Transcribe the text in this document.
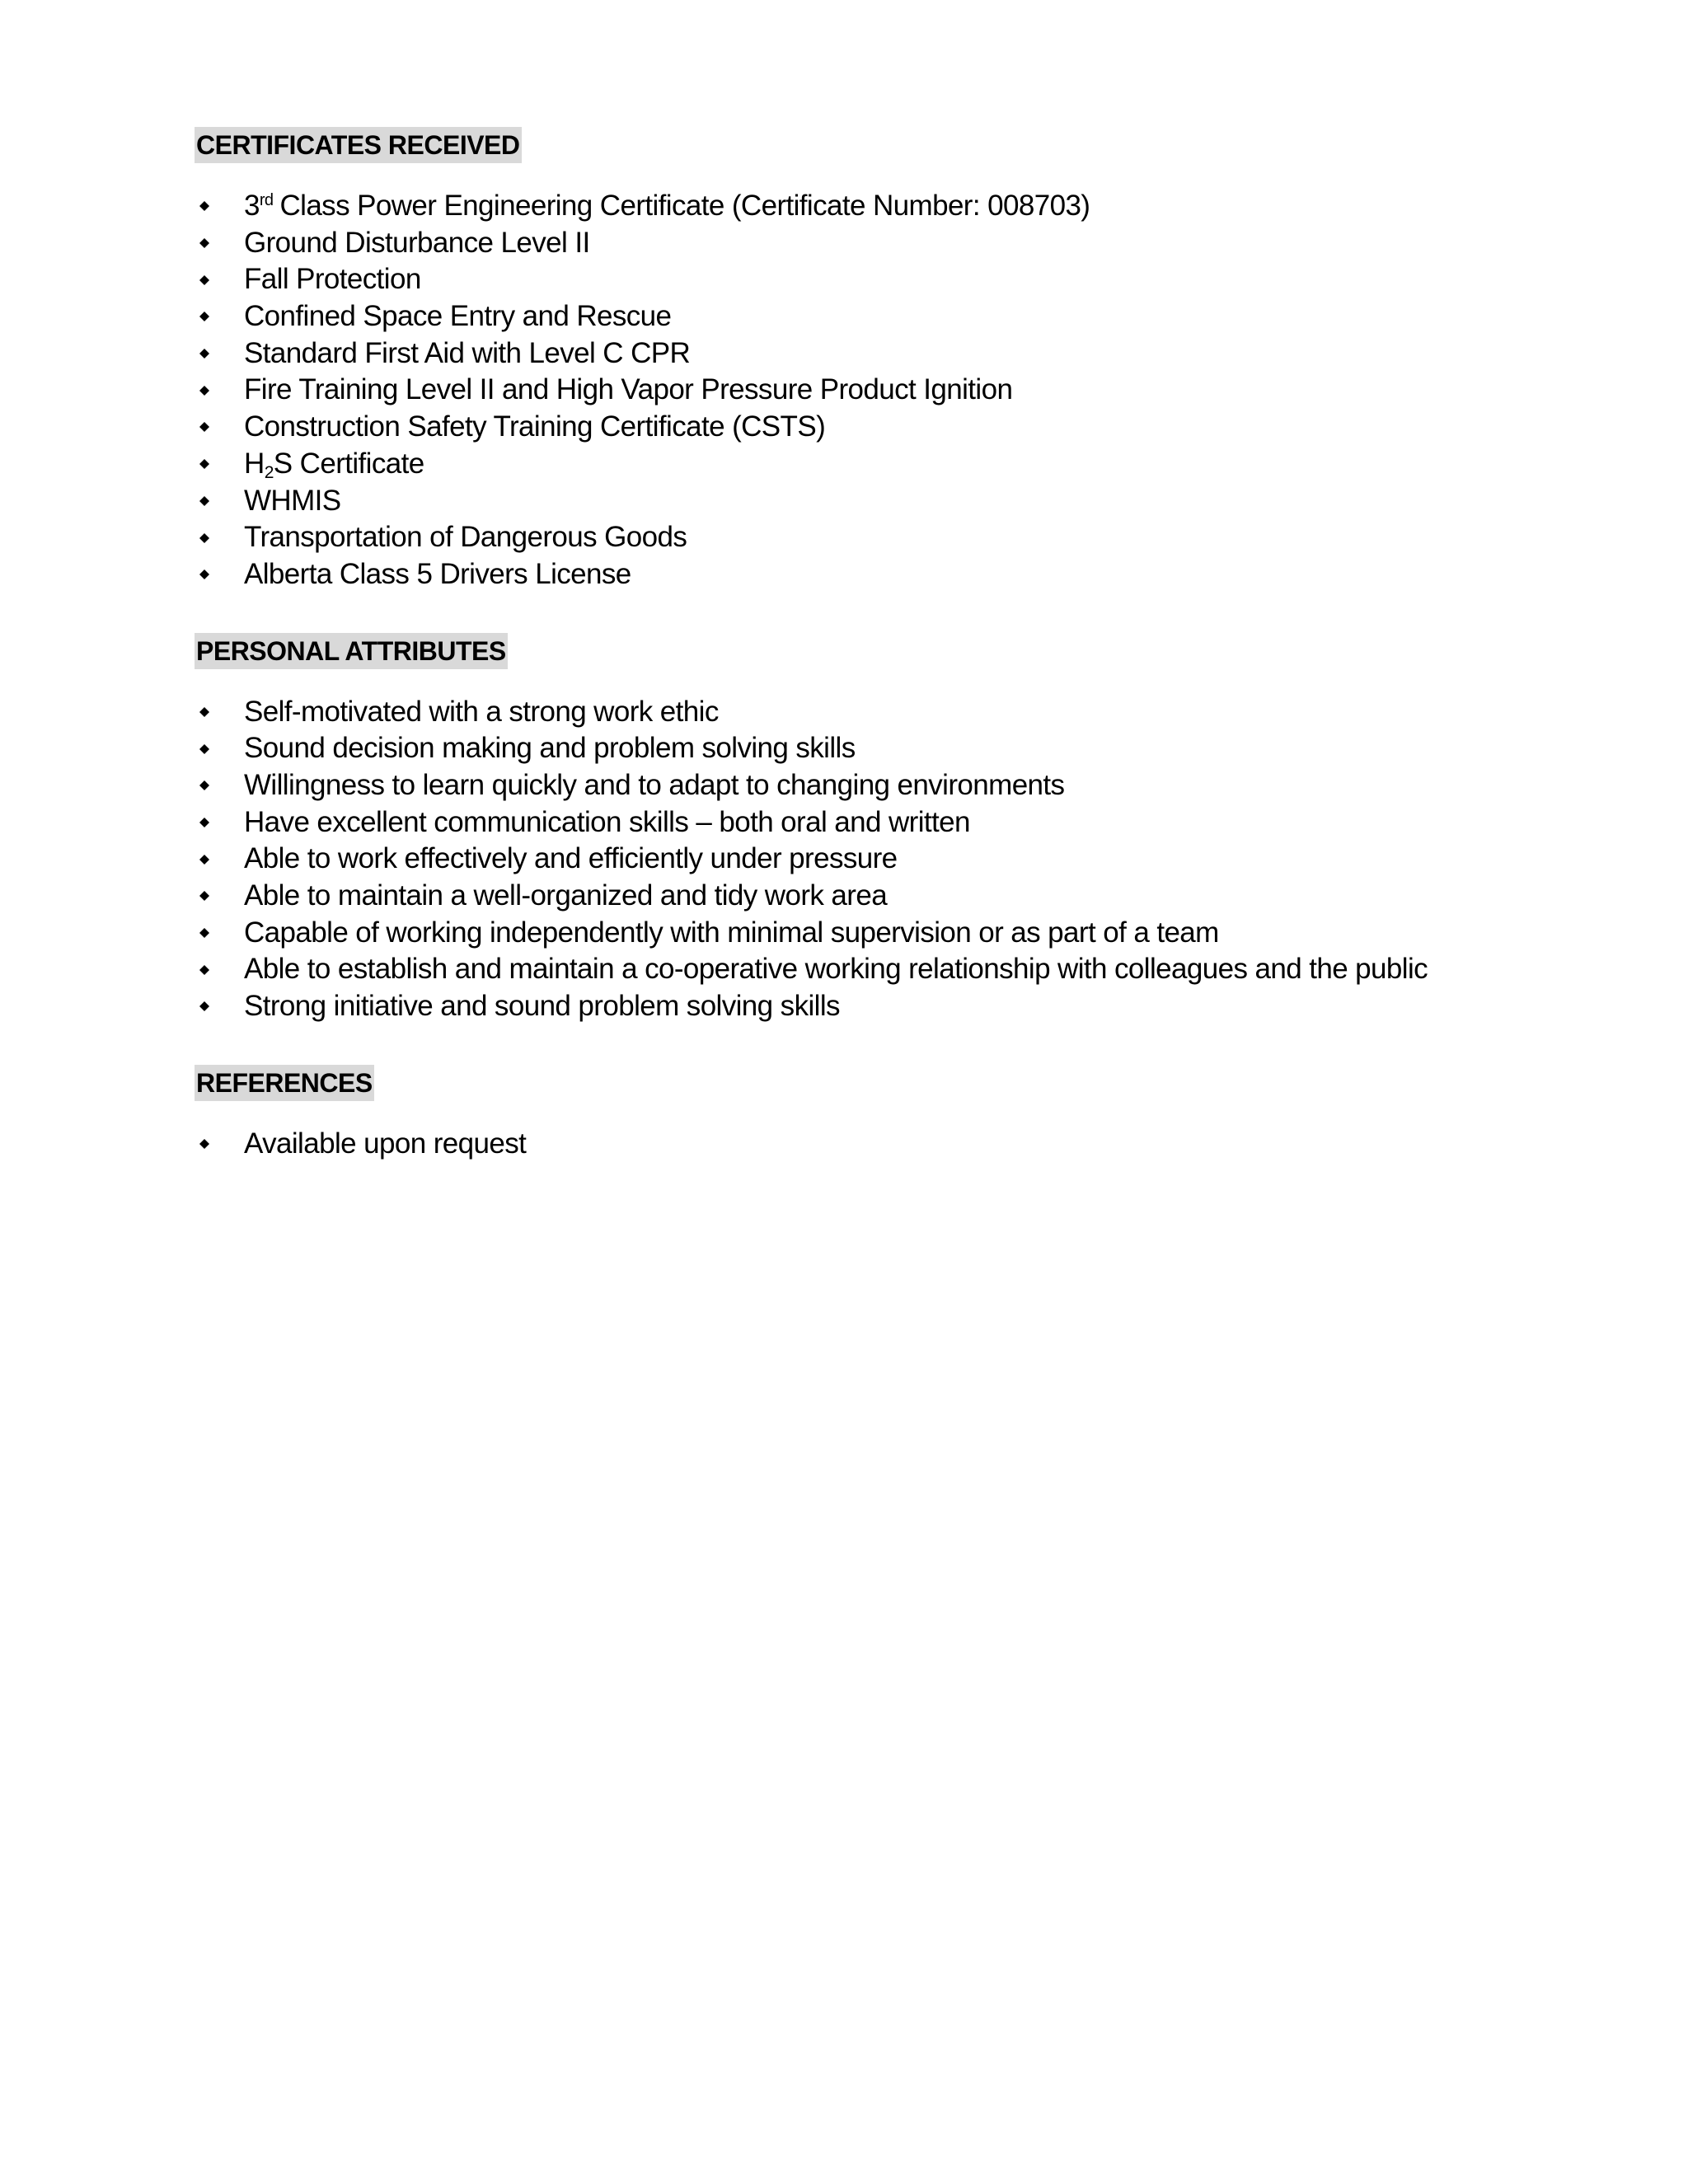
CERTIFICATES RECEIVED
3rd Class Power Engineering Certificate (Certificate Number: 008703)
Ground Disturbance Level II
Fall Protection
Confined Space Entry and Rescue
Standard First Aid with Level C CPR
Fire Training Level II and High Vapor Pressure Product Ignition
Construction Safety Training Certificate (CSTS)
$H_2S$ Certificate
WHMIS
Transportation of Dangerous Goods
Alberta Class 5 Drivers License
PERSONAL ATTRIBUTES
Self-motivated with a strong work ethic
Sound decision making and problem solving skills
Willingness to learn quickly and to adapt to changing environments
Have excellent communication skills – both oral and written
Able to work effectively and efficiently under pressure
Able to maintain a well-organized and tidy work area
Capable of working independently with minimal supervision or as part of a team
Able to establish and maintain a co-operative working relationship with colleagues and the public
Strong initiative and sound problem solving skills
REFERENCES
Available upon request
